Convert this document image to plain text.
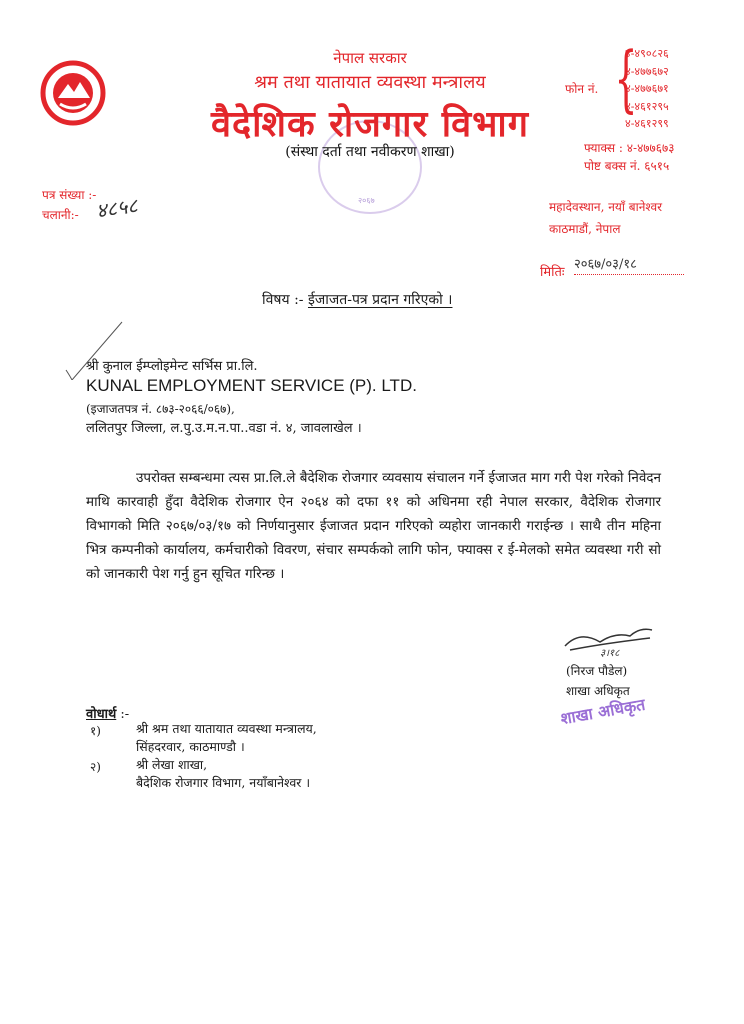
नेपाल सरकार
श्रम तथा यातायात व्यवस्था मन्त्रालय
२०६७
वैदेशिक रोजगार विभाग
(संस्था दर्ता तथा नवीकरण शाखा)
फोन नं. {
४-४९०८२६
४-४७७६७२
४-४७७६७१
४-४६१२९५
४-४६१२९९
फ्याक्स : ४-४७७६७३
पोष्ट बक्स नं. ६५१५
महादेवस्थान, नयाँ बानेश्वर
काठमाडौं, नेपाल
पत्र संख्या :-
चलानी:- ४८५८
मितिः
२०६७/०३/१८
विषय :- ईजाजत-पत्र प्रदान गरिएको ।
श्री कुनाल ईम्प्लोइमेन्ट सर्भिस प्रा.लि.
KUNAL EMPLOYMENT SERVICE (P). LTD.
(इजाजतपत्र नं. ८७३-२०६६/०६७),
ललितपुर जिल्ला, ल.पु.उ.म.न.पा..वडा नं. ४, जावलाखेल ।
उपरोक्त सम्बन्धमा त्यस प्रा.लि.ले बैदेशिक रोजगार व्यवसाय संचालन गर्ने ईजाजत माग गरी पेश गरेको निवेदन माथि कारवाही हुँदा वैदेशिक रोजगार ऐन २०६४ को दफा ११ को अधिनमा रही नेपाल सरकार, वैदेशिक रोजगार विभागको मिति २०६७/०३/१७ को निर्णयानुसार ईजाजत प्रदान गरिएको व्यहोरा जानकारी गराईन्छ । साथै तीन महिना भित्र कम्पनीको कार्यालय, कर्मचारीको विवरण, संचार सम्पर्कको लागि फोन, फ्याक्स र ई-मेलको समेत व्यवस्था गरी सो को जानकारी पेश गर्नु हुन सूचित गरिन्छ ।
३।१८
(निरज पौडेल)
शाखा अधिकृत
शाखा अधिकृत
वोधार्थ :-
१)	श्री श्रम तथा यातायात व्यवस्था मन्त्रालय,
सिंहदरवार, काठमाण्डौ ।
२)	श्री लेखा शाखा,
बैदेशिक रोजगार विभाग, नयाँबानेश्वर ।
